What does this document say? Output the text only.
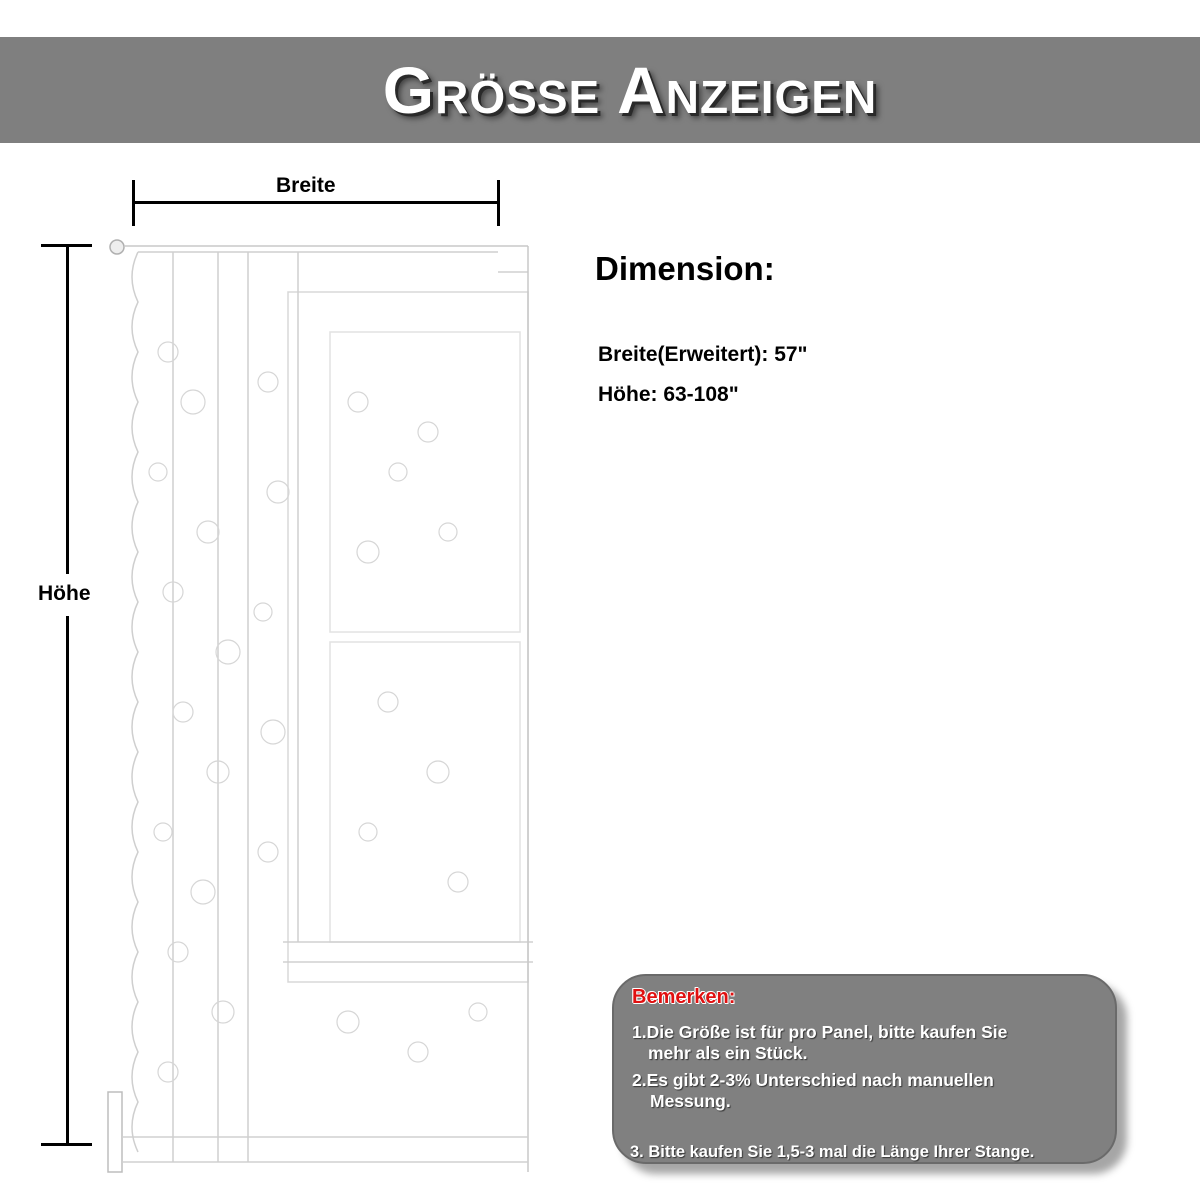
Größe Anzeigen
Breite
Höhe
Dimension:
Breite(Erweitert): 57"
Höhe: 63-108"
Bemerken:
1.Die Größe ist für pro Panel, bitte kaufen Sie
mehr als ein Stück.
2.Es gibt 2-3% Unterschied nach manuellen
Messung.
3. Bitte kaufen Sie 1,5-3 mal die Länge Ihrer Stange.
